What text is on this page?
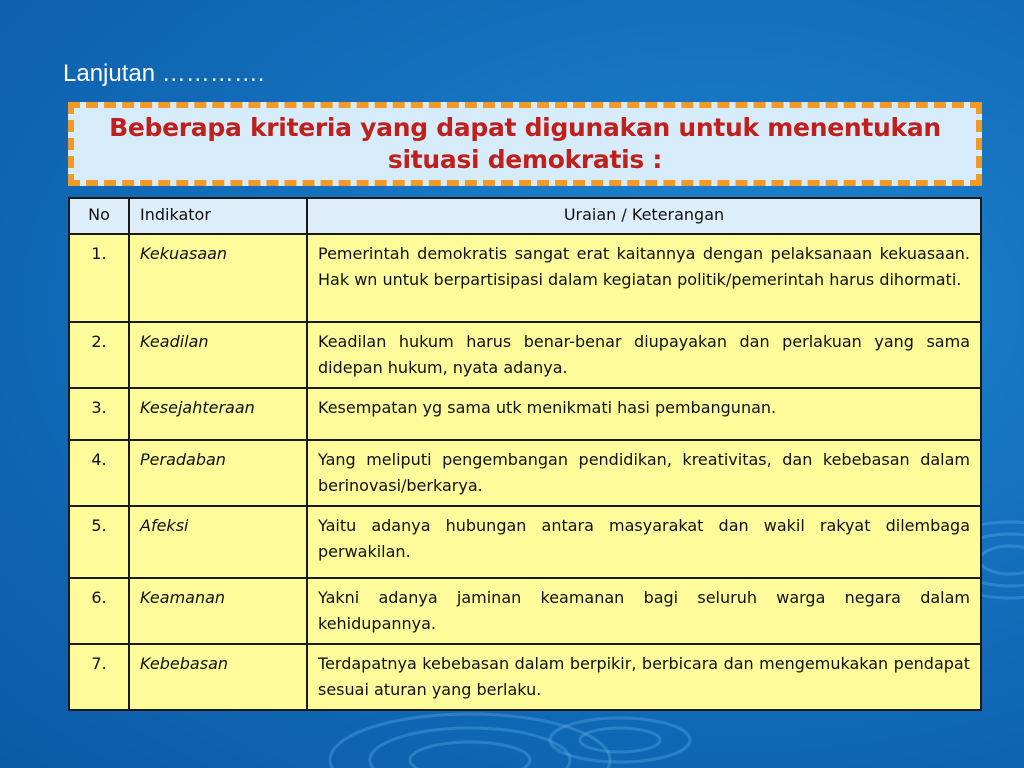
Lanjutan ………….
Beberapa kriteria yang dapat digunakan untuk menentukan situasi demokratis :
No	Indikator	Uraian / Keterangan
1.	Kekuasaan	Pemerintah demokratis sangat erat kaitannya dengan pelaksanaan kekuasaan. Hak wn untuk berpartisipasi dalam kegiatan politik/pemerintah harus dihormati.
2.	Keadilan	Keadilan hukum harus benar-benar diupayakan dan perlakuan yang sama didepan hukum, nyata adanya.
3.	Kesejahteraan	Kesempatan yg sama utk menikmati hasi pembangunan.
4.	Peradaban	Yang meliputi pengembangan pendidikan, kreativitas, dan kebebasan dalam berinovasi/berkarya.
5.	Afeksi	Yaitu adanya hubungan antara masyarakat dan wakil rakyat dilembaga perwakilan.
6.	Keamanan	Yakni adanya jaminan keamanan bagi seluruh warga negara dalam kehidupannya.
7.	Kebebasan	Terdapatnya kebebasan dalam berpikir, berbicara dan mengemukakan pendapat sesuai aturan yang berlaku.
